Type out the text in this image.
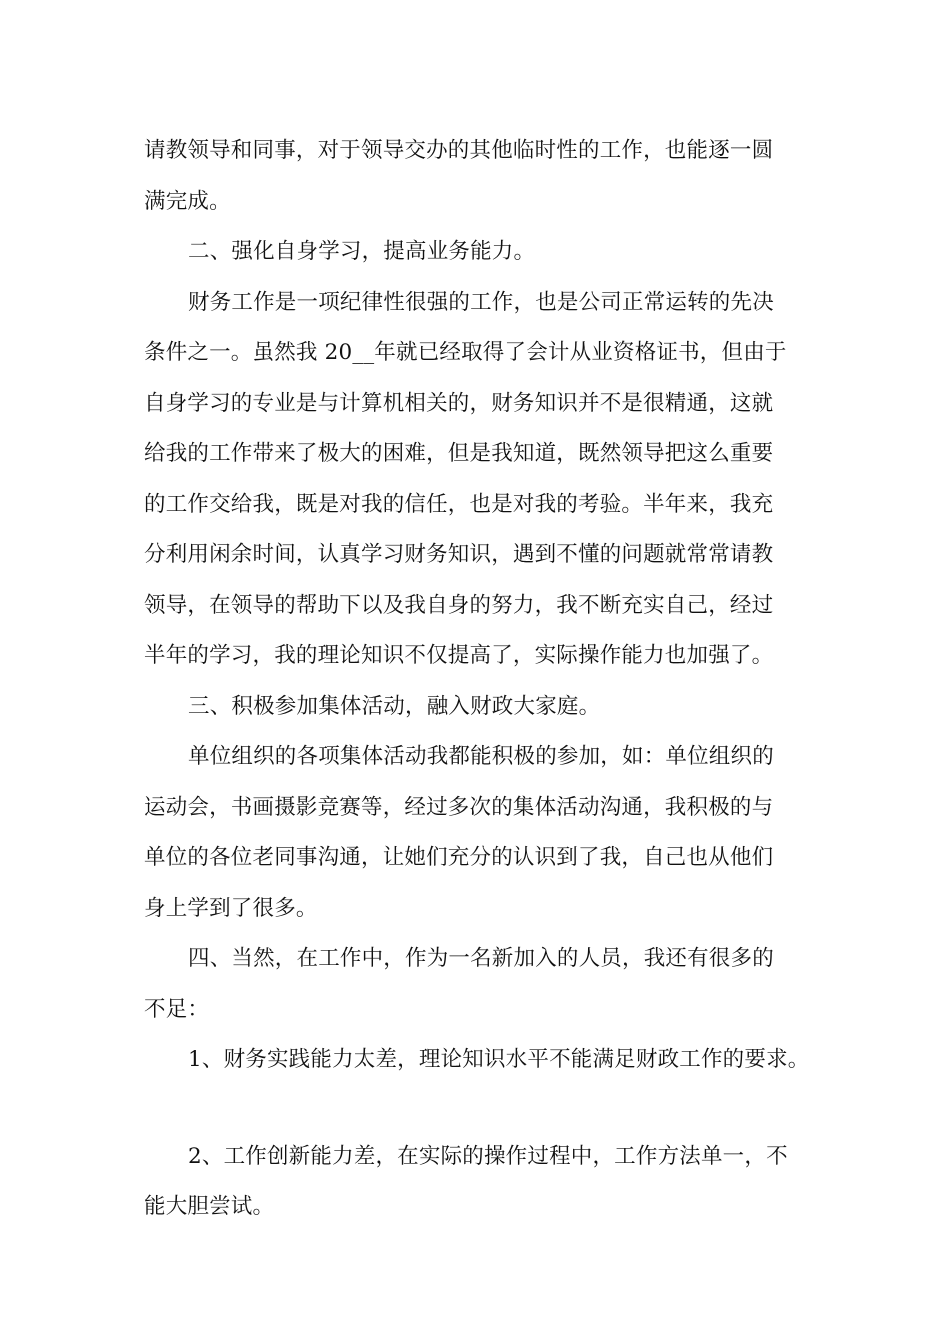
请教领导和同事，对于领导交办的其他临时性的工作，也能逐一圆
满完成。
二、强化自身学习，提高业务能力。
财务工作是一项纪律性很强的工作，也是公司正常运转的先决
条件之一。虽然我 20__年就已经取得了会计从业资格证书，但由于
自身学习的专业是与计算机相关的，财务知识并不是很精通，这就
给我的工作带来了极大的困难，但是我知道，既然领导把这么重要
的工作交给我，既是对我的信任，也是对我的考验。半年来，我充
分利用闲余时间，认真学习财务知识，遇到不懂的问题就常常请教
领导，在领导的帮助下以及我自身的努力，我不断充实自己，经过
半年的学习，我的理论知识不仅提高了，实际操作能力也加强了。
三、积极参加集体活动，融入财政大家庭。
单位组织的各项集体活动我都能积极的参加，如：单位组织的
运动会，书画摄影竞赛等，经过多次的集体活动沟通，我积极的与
单位的各位老同事沟通，让她们充分的认识到了我，自己也从他们
身上学到了很多。
四、当然，在工作中，作为一名新加入的人员，我还有很多的
不足：
1、财务实践能力太差，理论知识水平不能满足财政工作的要求。
2、工作创新能力差，在实际的操作过程中，工作方法单一，不
能大胆尝试。
